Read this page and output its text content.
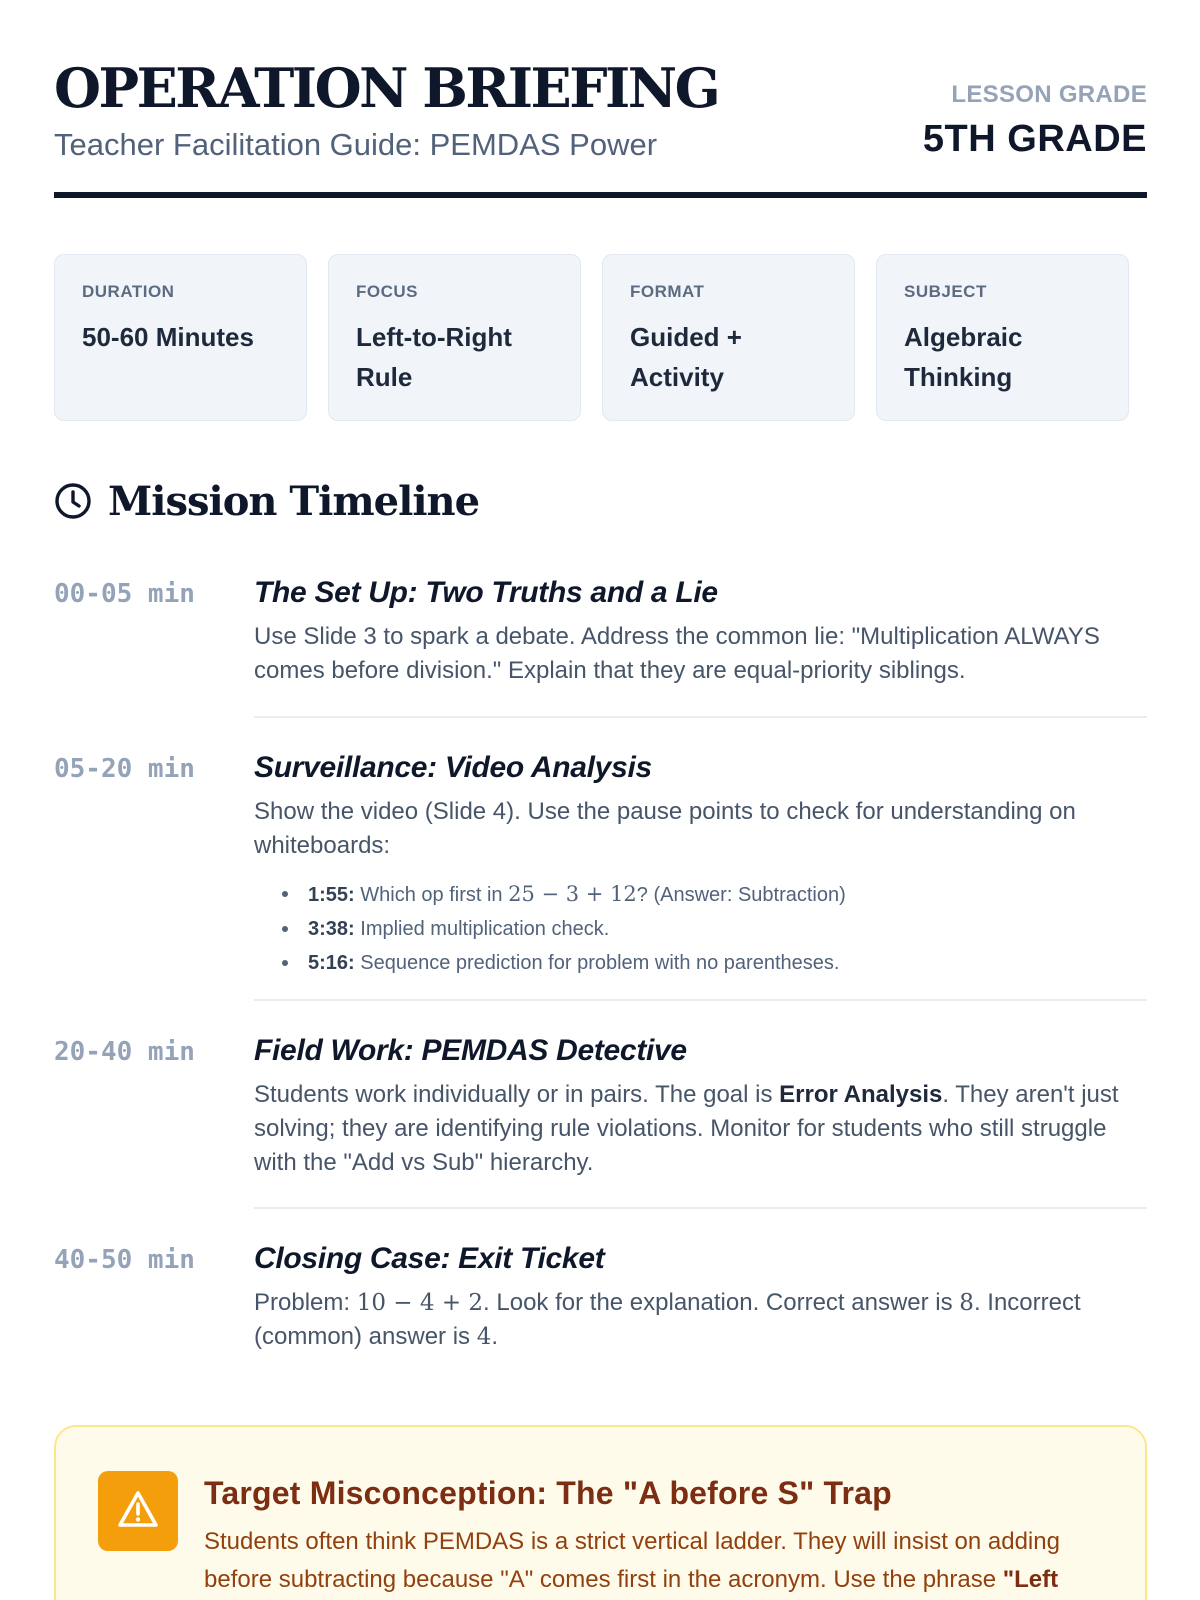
OPERATION BRIEFING
Teacher Facilitation Guide: PEMDAS Power
LESSON GRADE
5TH GRADE
DURATION
50-60 Minutes
FOCUS
Left-to-Right Rule
FORMAT
Guided + Activity
SUBJECT
Algebraic Thinking
Mission Timeline
00-05 min The Set Up: Two Truths and a Lie
Use Slide 3 to spark a debate. Address the common lie: "Multiplication ALWAYS comes before division." Explain that they are equal-priority siblings.
05-20 min Surveillance: Video Analysis
Show the video (Slide 4). Use the pause points to check for understanding on whiteboards:
1:55: Which op first in 25 − 3 + 12? (Answer: Subtraction)
3:38: Implied multiplication check.
5:16: Sequence prediction for problem with no parentheses.
20-40 min Field Work: PEMDAS Detective
Students work individually or in pairs. The goal is Error Analysis. They aren't just solving; they are identifying rule violations. Monitor for students who still struggle with the "Add vs Sub" hierarchy.
40-50 min Closing Case: Exit Ticket
Problem: 10 − 4 + 2. Look for the explanation. Correct answer is 8. Incorrect (common) answer is 4.
Target Misconception: The "A before S" Trap
Students often think PEMDAS is a strict vertical ladder. They will insist on adding before subtracting because "A" comes first in the acronym. Use the phrase "Left
